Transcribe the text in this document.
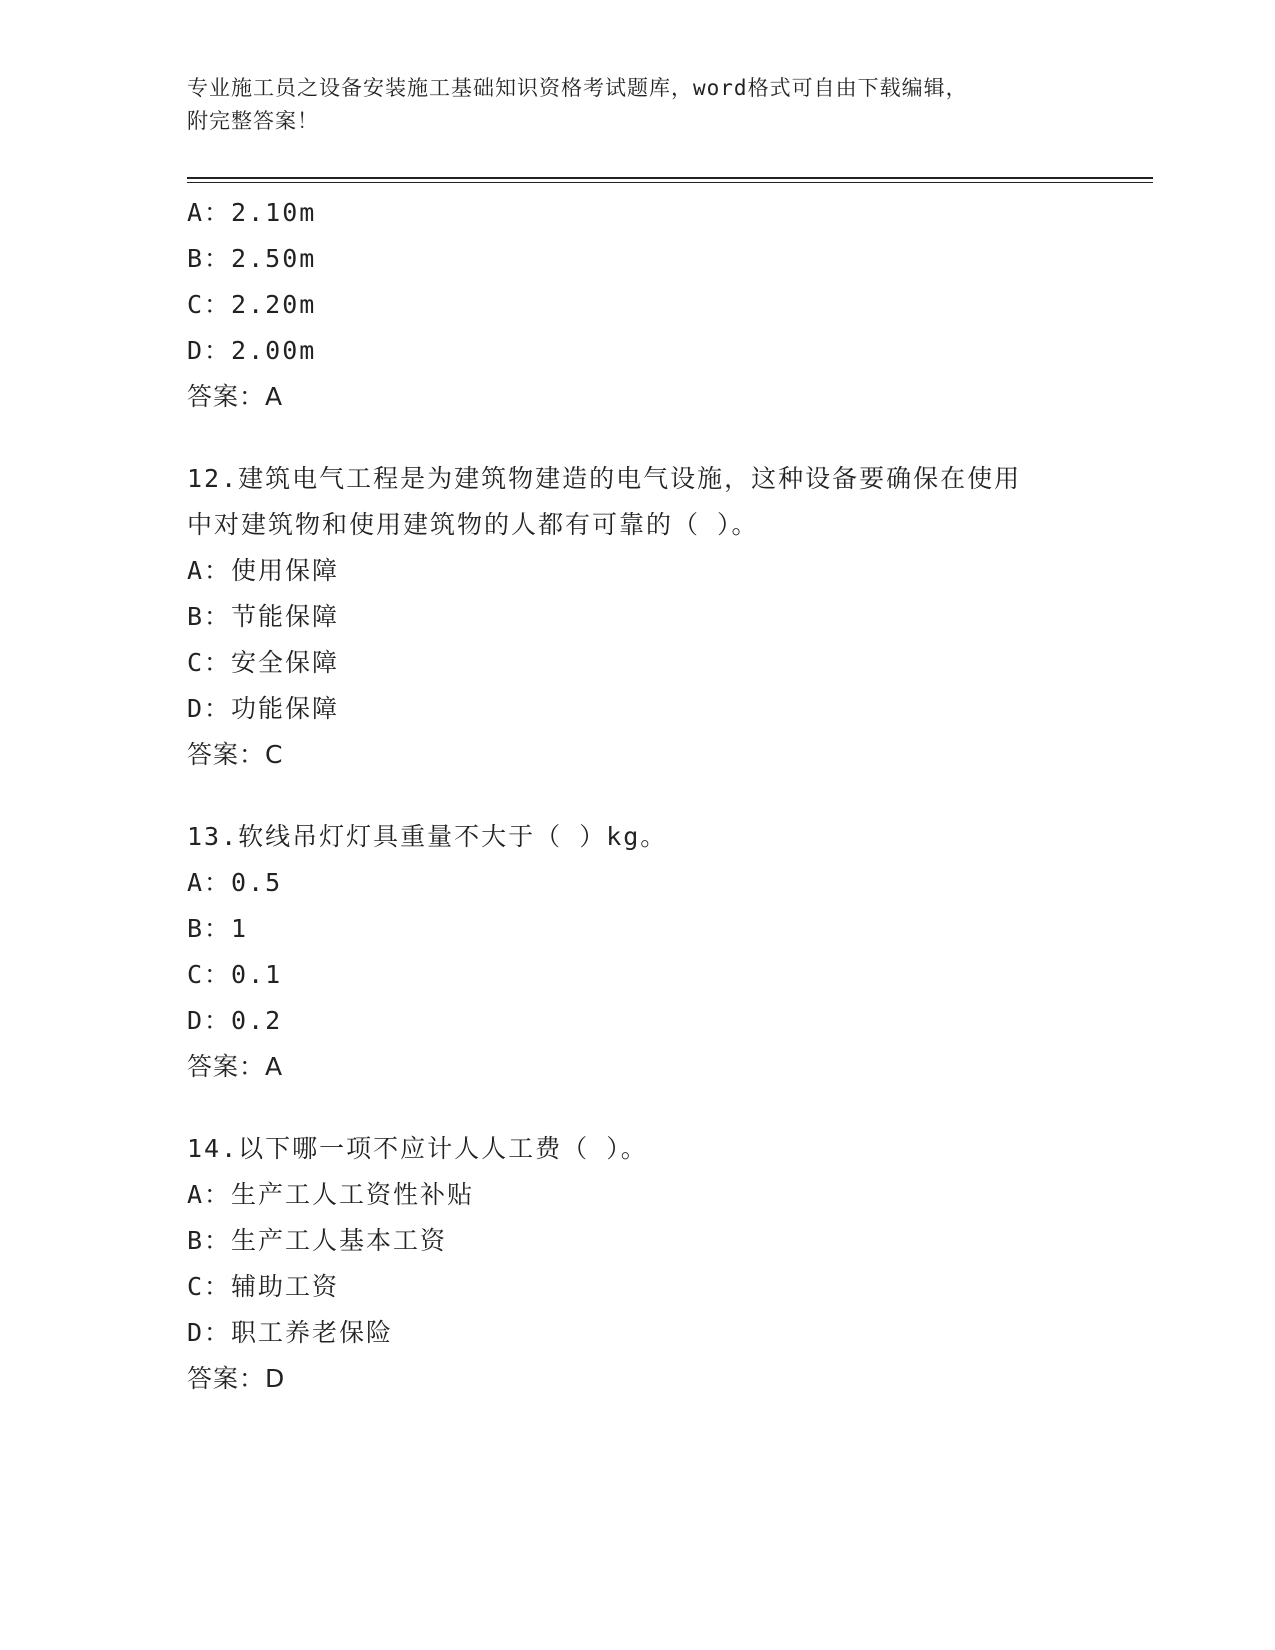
专业施工员之设备安装施工基础知识资格考试题库，word格式可自由下载编辑，
附完整答案！
A：2.10m
B：2.50m
C：2.20m
D：2.00m
答案：A
12.建筑电气工程是为建筑物建造的电气设施，这种设备要确保在使用
中对建筑物和使用建筑物的人都有可靠的（ ）。
A：使用保障
B：节能保障
C：安全保障
D：功能保障
答案：C
13.软线吊灯灯具重量不大于（ ）kg。
A：0.5
B：1
C：0.1
D：0.2
答案：A
14.以下哪一项不应计人人工费（ ）。
A：生产工人工资性补贴
B：生产工人基本工资
C：辅助工资
D：职工养老保险
答案：D
